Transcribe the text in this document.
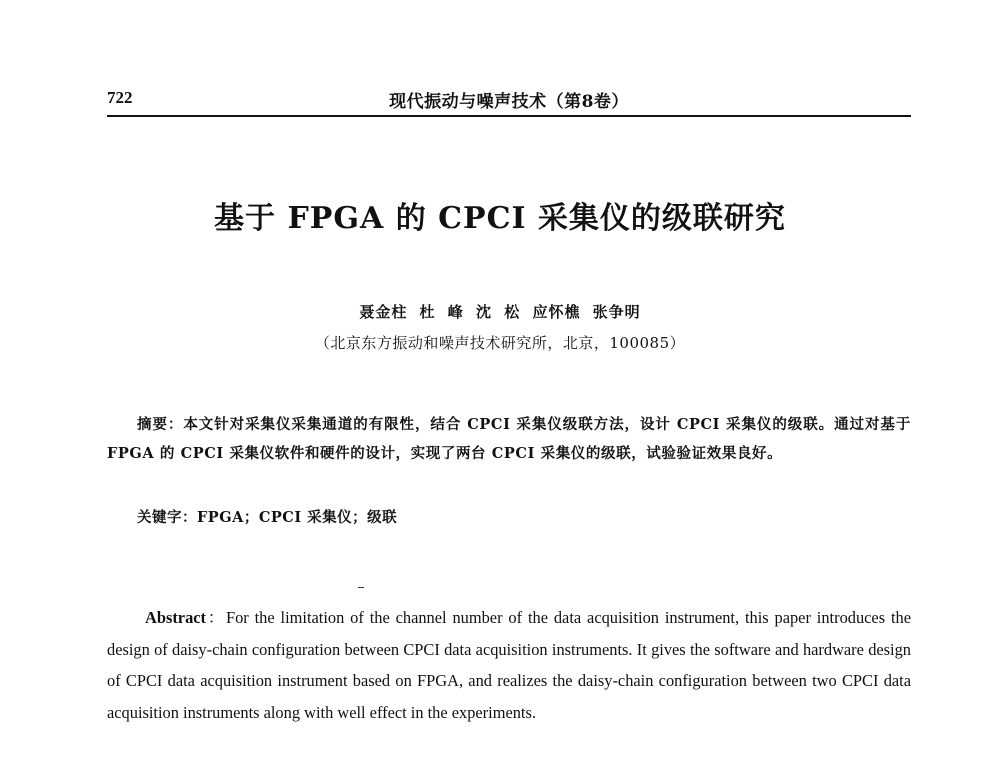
722	现代振动与噪声技术（第8卷）
基于 FPGA 的 CPCI 采集仪的级联研究
聂金柱 杜 峰 沈 松 应怀樵 张争明
（北京东方振动和噪声技术研究所，北京，100085）
摘要：本文针对采集仪采集通道的有限性，结合 CPCI 采集仪级联方法，设计 CPCI 采集仪的级联。通过对基于 FPGA 的 CPCI 采集仪软件和硬件的设计，实现了两台 CPCI 采集仪的级联，试验验证效果良好。
关键字：FPGA；CPCI 采集仪；级联
Abstract：For the limitation of the channel number of the data acquisition instrument, this paper introduces the design of daisy-chain configuration between CPCI data acquisition instruments. It gives the software and hardware design of CPCI data acquisition instrument based on FPGA, and realizes the daisy-chain configuration between two CPCI data acquisition instruments along with well effect in the experiments.
